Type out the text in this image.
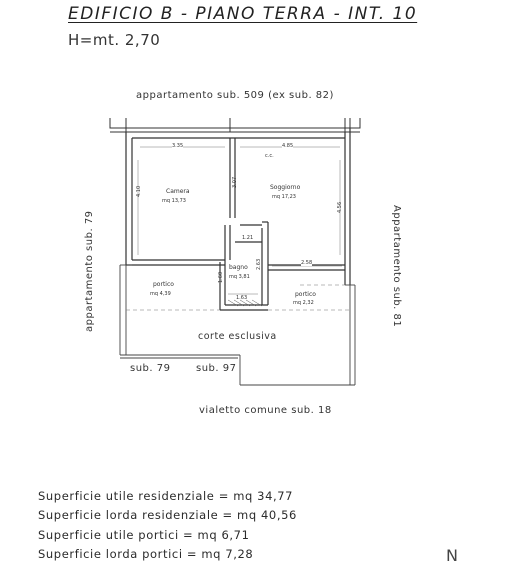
EDIFICIO B - PIANO TERRA - INT. 10
H=mt. 2,70
appartamento sub. 509 (ex sub. 82)
appartamento sub. 79	Appartamento sub. 81
vialetto comune sub. 18
sub. 79	sub. 97
Camera
mq 13,73
Soggiorno
mq 17,23
bagno
mq 3,81
portico
mq 4,39	portico
mq 2,32
corte esclusiva
c.c.
3.35	4.85
4.10
3.07
4.56
1.21
2.63
1.60
1.63
2.58
Superficie utile residenziale = mq 34,77
Superficie lorda residenziale = mq 40,56
Superficie utile portici = mq 6,71
Superficie lorda portici = mq 7,28	N
